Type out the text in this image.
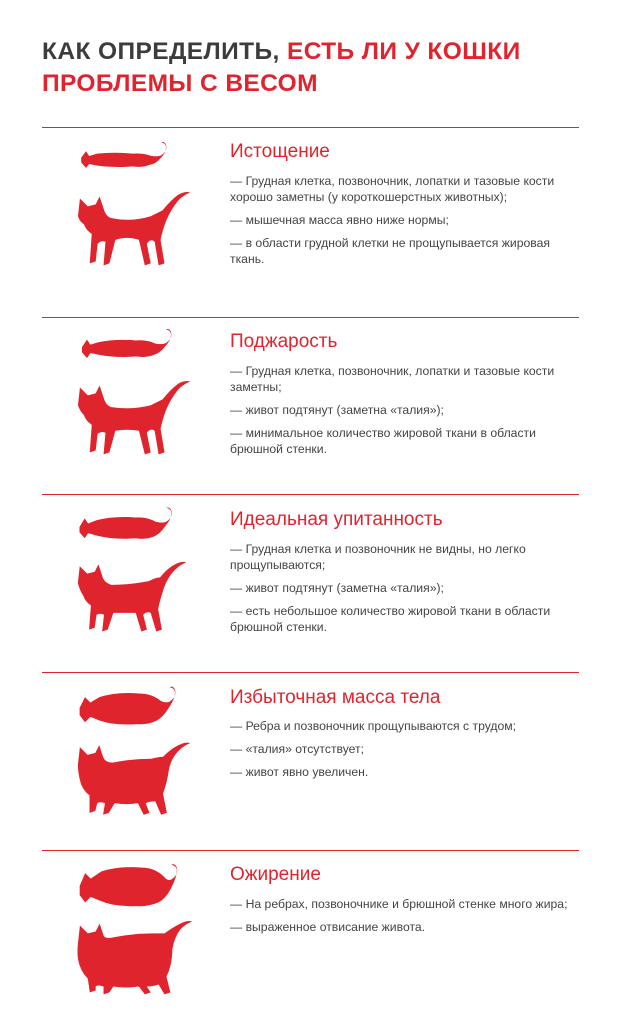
КАК ОПРЕДЕЛИТЬ, ЕСТЬ ЛИ У КОШКИ ПРОБЛЕМЫ С ВЕСОМ
Истощение
— Грудная клетка, позвоночник, лопатки и тазовые кости хорошо заметны (у короткошерстных животных);
— мышечная масса явно ниже нормы;
— в области грудной клетки не прощупывается жировая ткань.
Поджарость
— Грудная клетка, позвоночник, лопатки и тазовые кости заметны;
— живот подтянут (заметна «талия»);
— минимальное количество жировой ткани в области брюшной стенки.
Идеальная упитанность
— Грудная клетка и позвоночник не видны, но легко прощупываются;
— живот подтянут (заметна «талия»);
— есть небольшое количество жировой ткани в области брюшной стенки.
Избыточная масса тела
— Ребра и позвоночник прощупываются с трудом;
— «талия» отсутствует;
— живот явно увеличен.
Ожирение
— На ребрах, позвоночнике и брюшной стенке много жира;
— выраженное отвисание живота.
